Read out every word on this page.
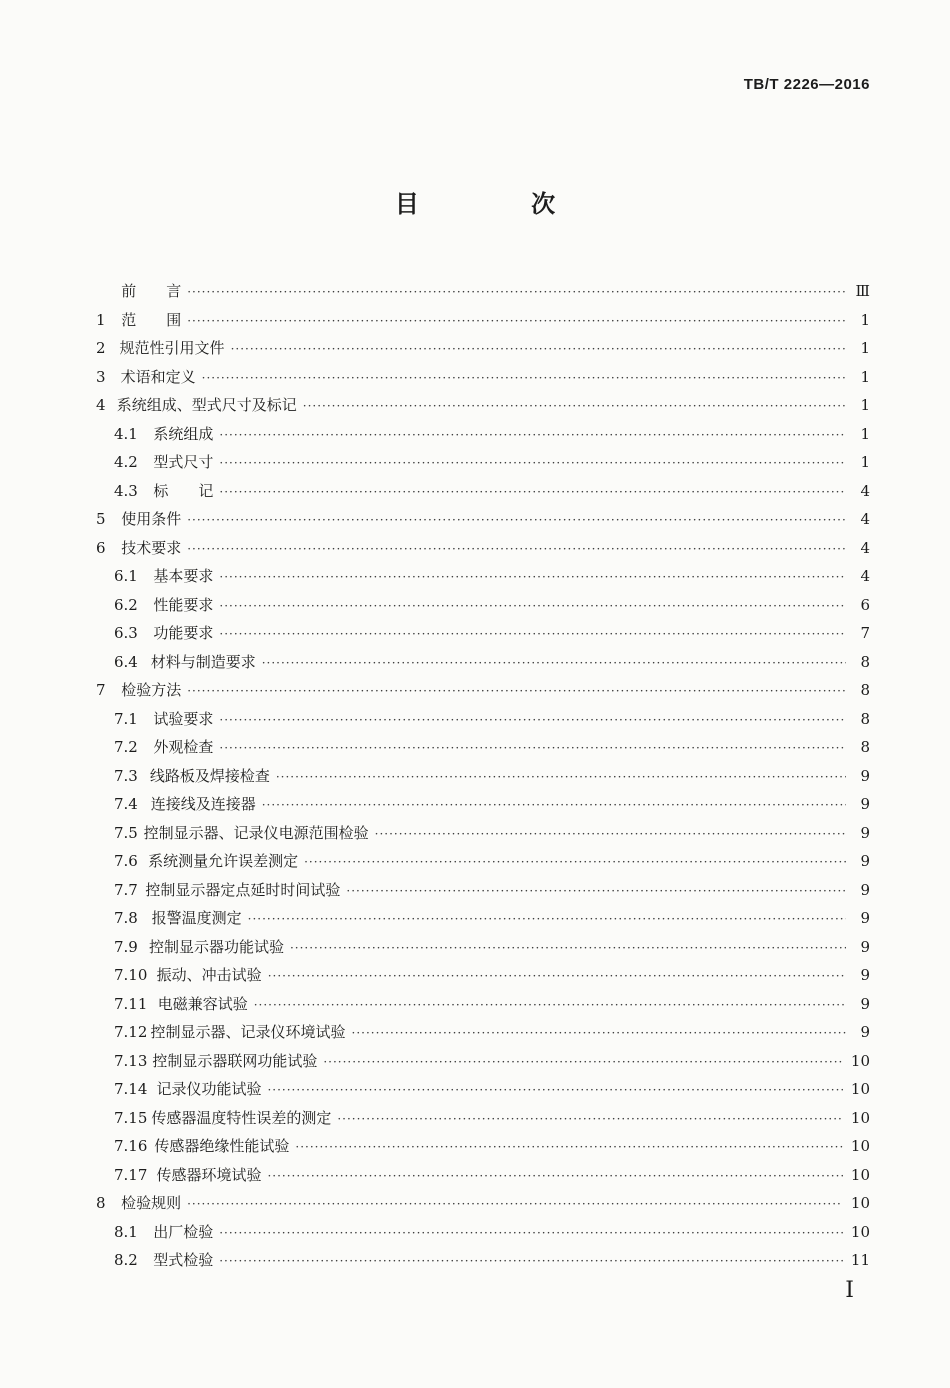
TB/T 2226—2016
目 次
前　　言 ·····	Ⅲ
1	范　　围 ·····	1
2 规范性引用文件 ·····	1
3	术语和定义 ·····	1
4 系统组成、型式尺寸及标记 ·····	1
4.1	系统组成 ·····	1
4.2	型式尺寸 ·····	1
4.3	标　　记 ·····	4
5	使用条件 ·····	4
6	技术要求 ·····	4
6.1	基本要求 ·····	4
6.2	性能要求 ·····	6
6.3	功能要求 ·····	7
6.4 材料与制造要求 ·····	8
7	检验方法 ·····	8
7.1	试验要求 ·····	8
7.2	外观检查 ·····	8
7.3 线路板及焊接检查 ·····	9
7.4 连接线及连接器 ·····	9
7.5 控制显示器、记录仪电源范围检验 ·····	9
7.6 系统测量允许误差测定 ·····	9
7.7 控制显示器定点延时时间试验 ·····	9
7.8 报警温度测定 ·····	9
7.9 控制显示器功能试验 ·····	9
7.10 振动、冲击试验 ·····	9
7.11 电磁兼容试验 ·····	9
7.12 控制显示器、记录仪环境试验 ·····	9
7.13 控制显示器联网功能试验 ·····	10
7.14 记录仪功能试验 ·····	10
7.15 传感器温度特性误差的测定 ·····	10
7.16 传感器绝缘性能试验 ·····	10
7.17 传感器环境试验 ·····	10
8	检验规则 ·····	10
8.1	出厂检验 ·····	10
8.2	型式检验 ·····	11
I
